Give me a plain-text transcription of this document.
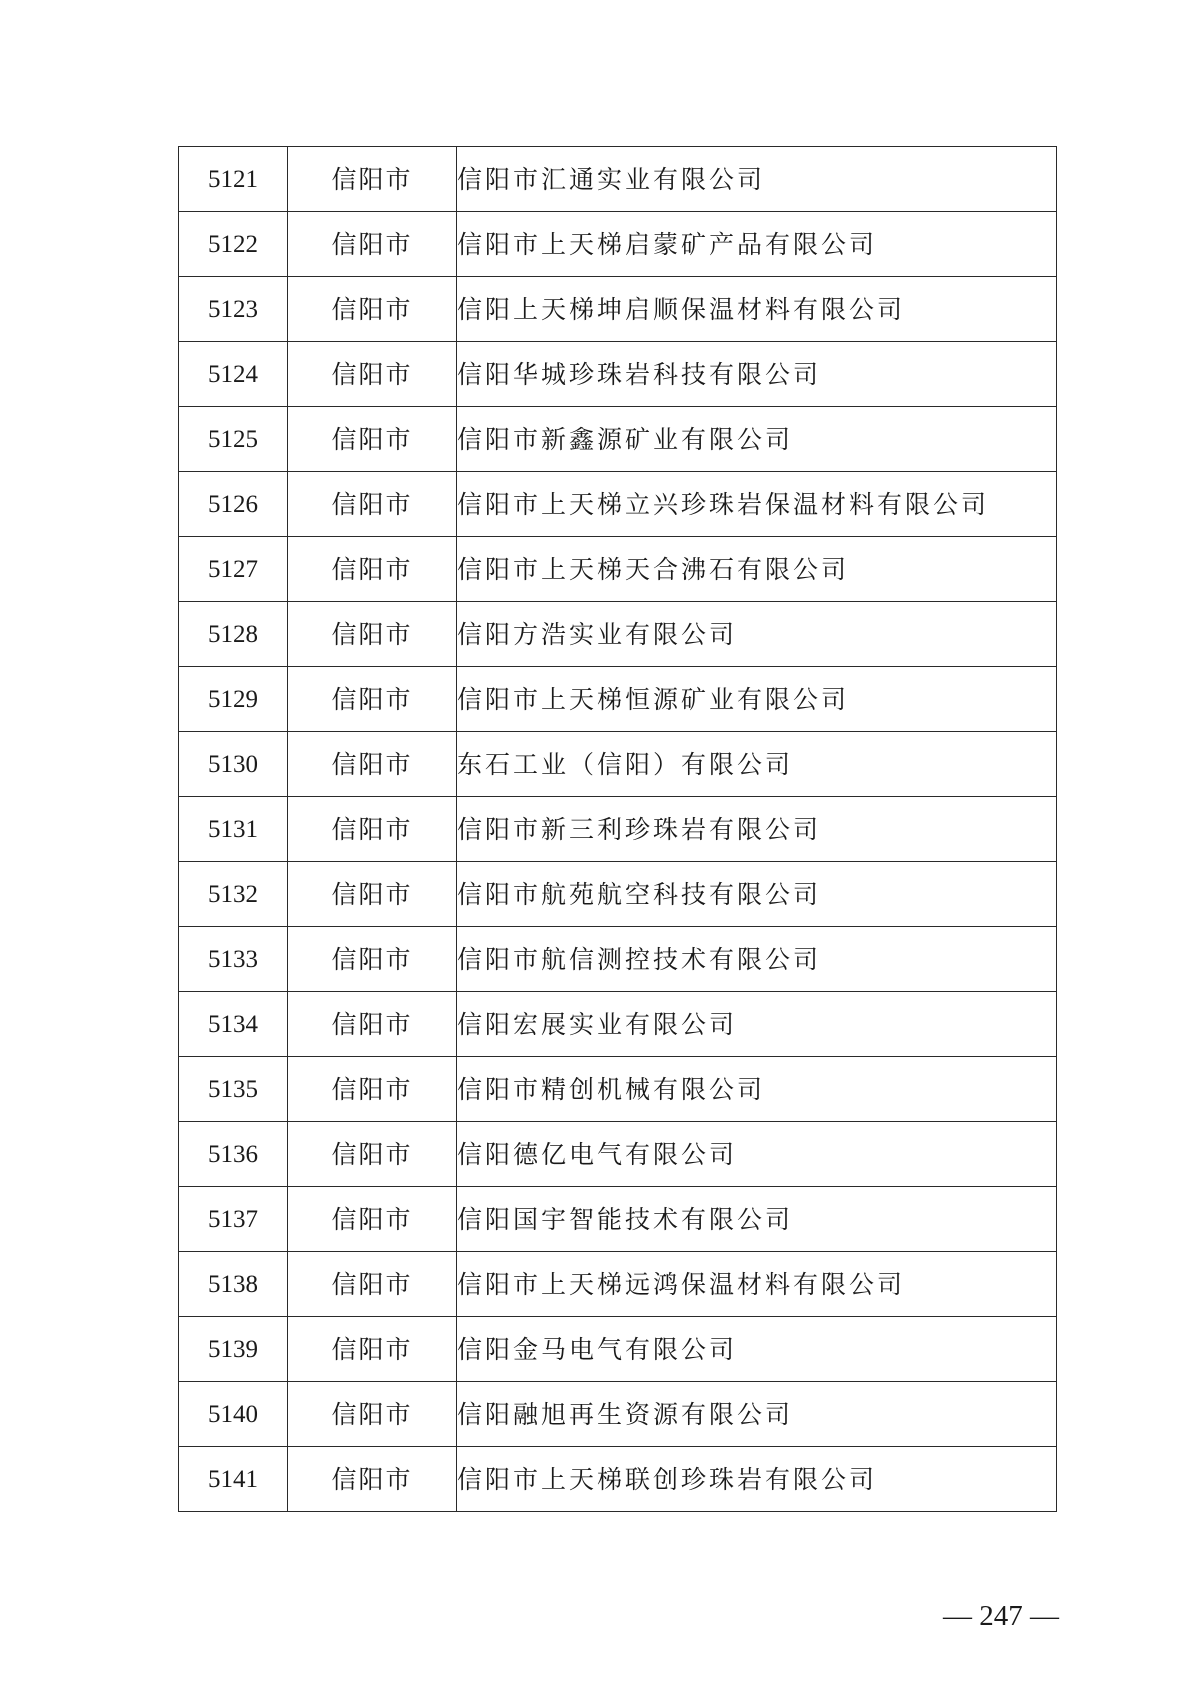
5121	信阳市	信阳市汇通实业有限公司
5122	信阳市	信阳市上天梯启蒙矿产品有限公司
5123	信阳市	信阳上天梯坤启顺保温材料有限公司
5124	信阳市	信阳华城珍珠岩科技有限公司
5125	信阳市	信阳市新鑫源矿业有限公司
5126	信阳市	信阳市上天梯立兴珍珠岩保温材料有限公司
5127	信阳市	信阳市上天梯天合沸石有限公司
5128	信阳市	信阳方浩实业有限公司
5129	信阳市	信阳市上天梯恒源矿业有限公司
5130	信阳市	东石工业（信阳）有限公司
5131	信阳市	信阳市新三利珍珠岩有限公司
5132	信阳市	信阳市航苑航空科技有限公司
5133	信阳市	信阳市航信测控技术有限公司
5134	信阳市	信阳宏展实业有限公司
5135	信阳市	信阳市精创机械有限公司
5136	信阳市	信阳德亿电气有限公司
5137	信阳市	信阳国宇智能技术有限公司
5138	信阳市	信阳市上天梯远鸿保温材料有限公司
5139	信阳市	信阳金马电气有限公司
5140	信阳市	信阳融旭再生资源有限公司
5141	信阳市	信阳市上天梯联创珍珠岩有限公司
— 247 —
